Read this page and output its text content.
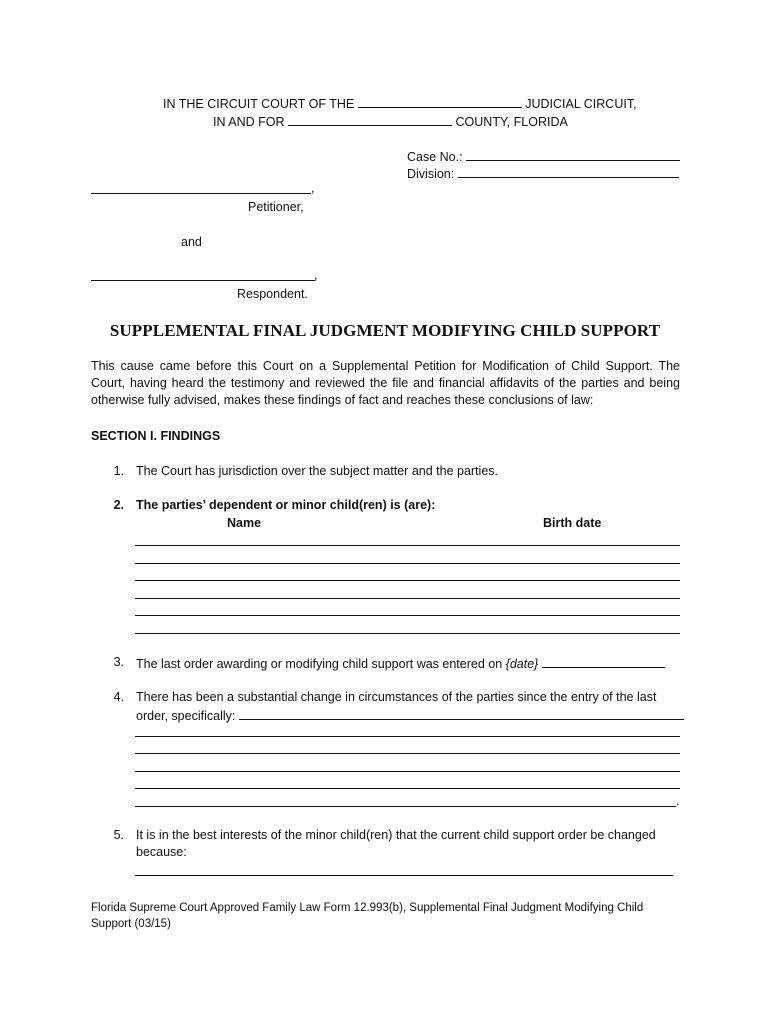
IN THE CIRCUIT COURT OF THE	JUDICIAL CIRCUIT,
IN AND FOR	COUNTY, FLORIDA
Case No.:
Division:
,
Petitioner,
and
,
Respondent.
SUPPLEMENTAL FINAL JUDGMENT MODIFYING CHILD SUPPORT
This cause came before this Court on a Supplemental Petition for Modification of Child Support. The Court, having heard the testimony and reviewed the file and financial affidavits of the parties and being otherwise fully advised, makes these findings of fact and reaches these conclusions of law:
SECTION I. FINDINGS
1. The Court has jurisdiction over the subject matter and the parties.
2. The parties’ dependent or minor child(ren) is (are):
Name	Birth date
3. The last order awarding or modifying child support was entered on {date}
4. There has been a substantial change in circumstances of the parties since the entry of the last
order, specifically:
.
5. It is in the best interests of the minor child(ren) that the current child support order be changed
because:
Florida Supreme Court Approved Family Law Form 12.993(b), Supplemental Final Judgment Modifying Child
Support (03/15)
